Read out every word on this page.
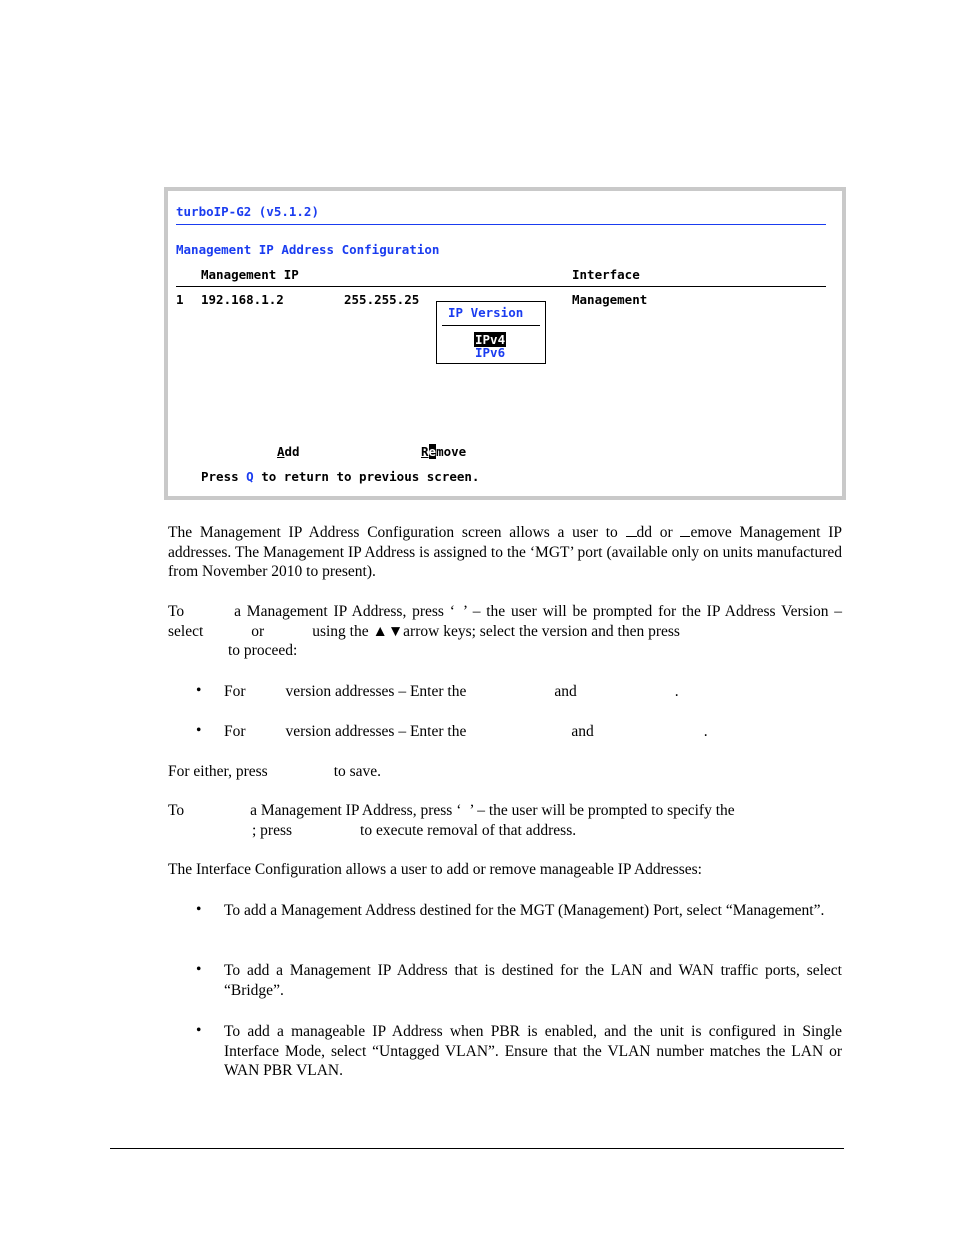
turboIP-G2 (v5.1.2)
Management IP Address Configuration
Management IP	Interface
1 192.168.1.2	255.255.25	Management
IP Version
IPv4
IPv6
Add	Remove
Press Q to return to previous screen.
The Management IP Address Configuration screen allows a user to dd or emove Management IP addresses. The Management IP Address is assigned to the ‘MGT’ port (available only on units manufactured from November 2010 to present).
To	a Management IP Address, press ‘ ’ – the user will be prompted for the IP Address Version – select	or	using the ▲▼arrow keys; select the version and then press
to proceed:
• For	version addresses – Enter the	and	.
• For	version addresses – Enter the	and	.
For either, press	to save.
To	a Management IP Address, press ‘ ’ – the user will be prompted to specify the
; press	to execute removal of that address.
The Interface Configuration allows a user to add or remove manageable IP Addresses:
• To add a Management Address destined for the MGT (Management) Port, select “Management”.
• To add a Management IP Address that is destined for the LAN and WAN traffic ports, select “Bridge”.
• To add a manageable IP Address when PBR is enabled, and the unit is configured in Single Interface Mode, select “Untagged VLAN”. Ensure that the VLAN number matches the LAN or WAN PBR VLAN.
